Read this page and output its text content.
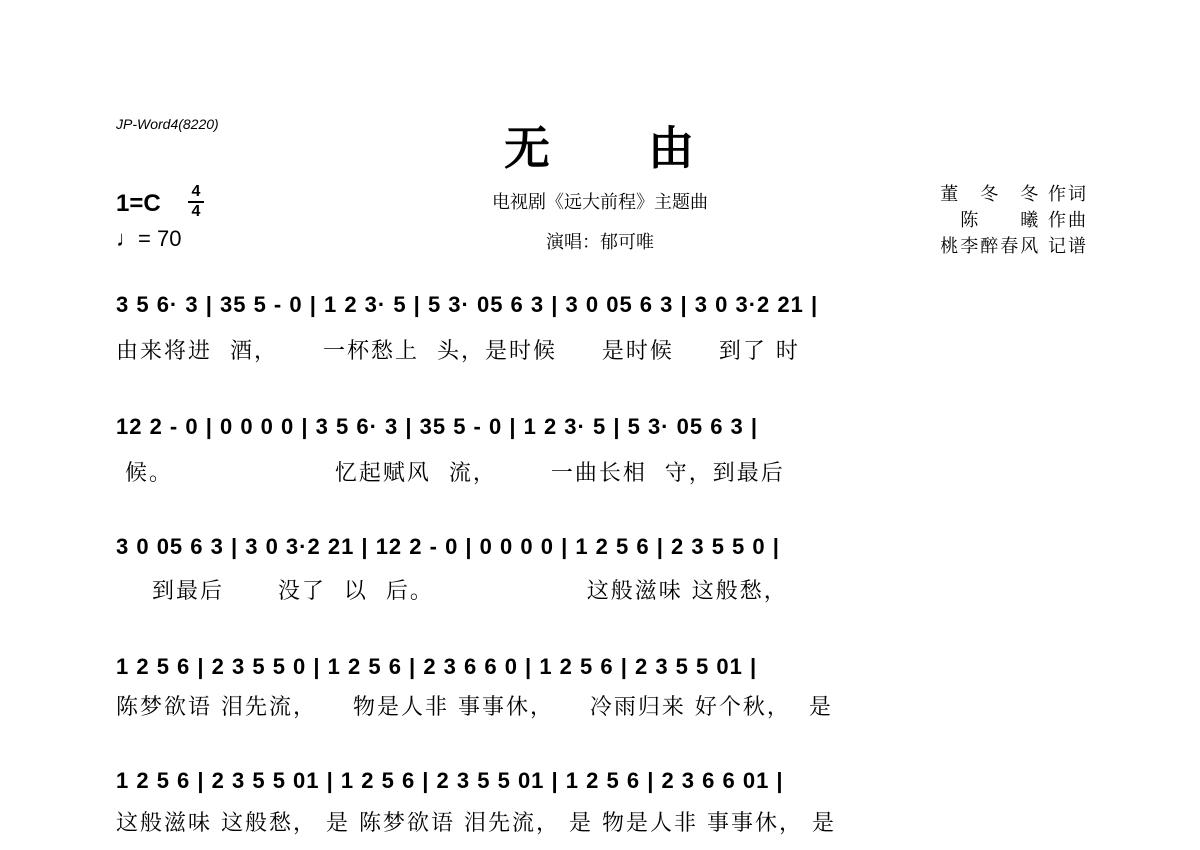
JP-Word4(8220)	无　　由
电视剧《远大前程》主题曲
演唱：郁可唯
1=C 4
4
♩= 70
董　冬　冬 作词
陈　　曦 作曲
桃李醉春风 记谱
3 5 6· 3 | 35 5 - 0 | 1 2 3· 5 | 5 3· 05 6 3 | 3 0 05 6 3 | 3 0 3·2 21 |
由来将进  酒，     一杯愁上  头，是时候     是时候     到了 时
12 2 - 0 | 0 0 0 0 | 3 5 6· 3 | 35 5 - 0 | 1 2 3· 5 | 5 3· 05 6 3 |
候。                  忆起赋风  流，      一曲长相  守，到最后
3 0 05 6 3 | 3 0 3·2 21 | 12 2 - 0 | 0 0 0 0 | 1 2 5 6 | 2 3 5 5 0 |
到最后      没了  以  后。                 这般滋味 这般愁，
1 2 5 6 | 2 3 5 5 0 | 1 2 5 6 | 2 3 6 6 0 | 1 2 5 6 | 2 3 5 5 01 |
陈梦欲语 泪先流，    物是人非 事事休，    冷雨归来 好个秋，  是
1 2 5 6 | 2 3 5 5 01 | 1 2 5 6 | 2 3 5 5 01 | 1 2 5 6 | 2 3 6 6 01 |
这般滋味 这般愁， 是 陈梦欲语 泪先流， 是 物是人非 事事休， 是
